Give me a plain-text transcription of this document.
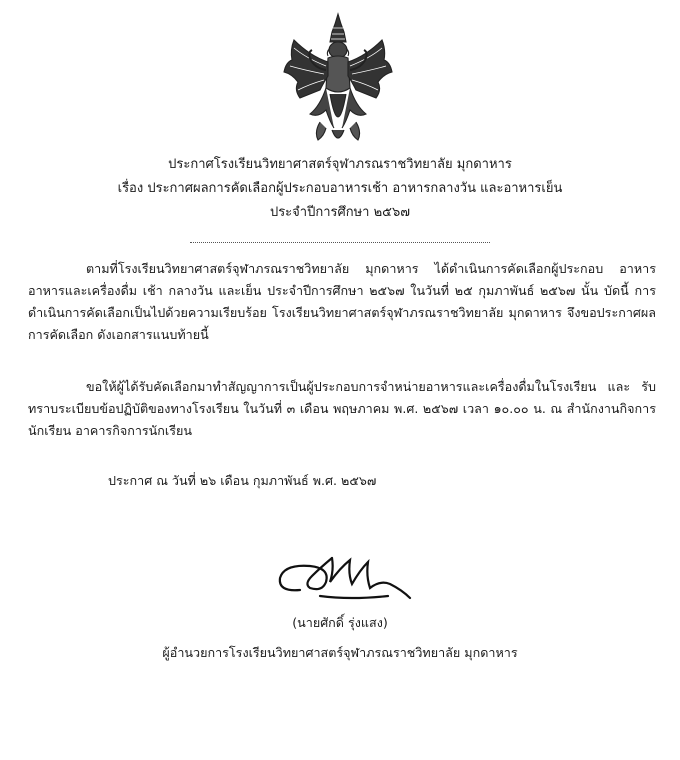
ประกาศโรงเรียนวิทยาศาสตร์จุฬาภรณราชวิทยาลัย มุกดาหาร
เรื่อง ประกาศผลการคัดเลือกผู้ประกอบอาหารเช้า อาหารกลางวัน และอาหารเย็น
ประจำปีการศึกษา ๒๕๖๗
ตามที่โรงเรียนวิทยาศาสตร์จุฬาภรณราชวิทยาลัย มุกดาหาร ได้ดำเนินการคัดเลือกผู้ประกอบ อาหารอาหารและเครื่องดื่ม เช้า กลางวัน และเย็น ประจำปีการศึกษา ๒๕๖๗ ในวันที่ ๒๕ กุมภาพันธ์ ๒๕๖๗ นั้น บัดนี้ การดำเนินการคัดเลือกเป็นไปด้วยความเรียบร้อย โรงเรียนวิทยาศาสตร์จุฬาภรณราชวิทยาลัย มุกดาหาร จึงขอประกาศผลการคัดเลือก ดังเอกสารแนบท้ายนี้
ขอให้ผู้ได้รับคัดเลือกมาทำสัญญาการเป็นผู้ประกอบการจำหน่ายอาหารและเครื่องดื่มในโรงเรียน และ รับทราบระเบียบข้อปฏิบัติของทางโรงเรียน ในวันที่ ๓ เดือน พฤษภาคม พ.ศ. ๒๕๖๗ เวลา ๑๐.๐๐ น. ณ สำนักงานกิจการนักเรียน อาคารกิจการนักเรียน
ประกาศ ณ วันที่ ๒๖ เดือน กุมภาพันธ์ พ.ศ. ๒๕๖๗
(นายศักดิ์ รุ่งแสง)
ผู้อำนวยการโรงเรียนวิทยาศาสตร์จุฬาภรณราชวิทยาลัย มุกดาหาร
